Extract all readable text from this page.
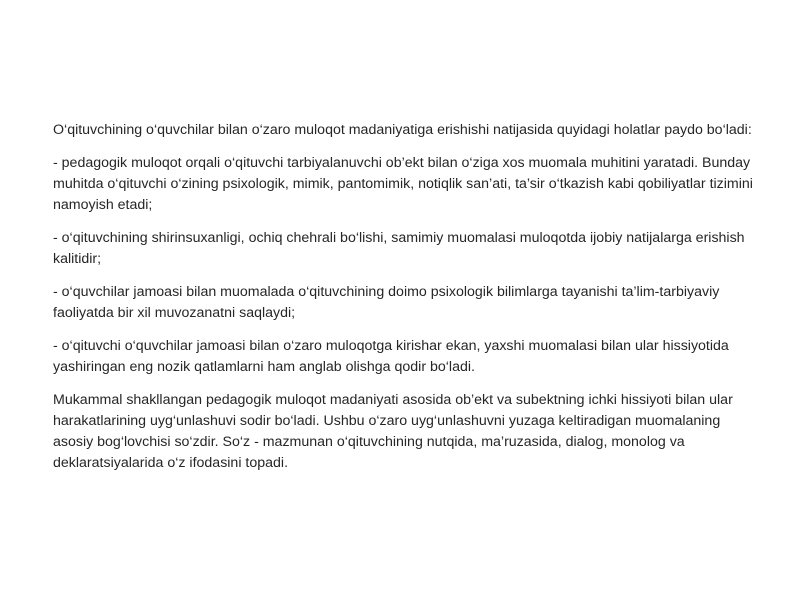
O‘qituvchining o‘quvchilar bilan o‘zaro muloqot madaniyatiga erishishi natijasida quyidagi holatlar paydo bo‘ladi:

- pedagogik muloqot orqali o‘qituvchi tarbiyalanuvchi ob’ekt bilan o‘ziga xos muomala muhitini yaratadi. Bunday muhitda o‘qituvchi o‘zining psixologik, mimik, pantomimik, notiqlik san’ati, ta’sir o‘tkazish kabi qobiliyatlar tizimini namoyish etadi;

- o‘qituvchining shirinsuxanligi, ochiq chehrali bo‘lishi, samimiy muomalasi muloqotda ijobiy natijalarga erishish kalitidir;

- o‘quvchilar jamoasi bilan muomalada o‘qituvchining doimo psixologik bilimlarga tayanishi ta’lim-tarbiyaviy faoliyatda bir xil muvozanatni saqlaydi;

- o‘qituvchi o‘quvchilar jamoasi bilan o‘zaro muloqotga kirishar ekan, yaxshi muomalasi bilan ular hissiyotida yashiringan eng nozik qatlamlarni ham anglab olishga qodir bo‘ladi.

Mukammal shakllangan pedagogik muloqot madaniyati asosida ob’ekt va subektning ichki hissiyoti bilan ular harakatlarining uyg‘unlashuvi sodir bo‘ladi. Ushbu o‘zaro uyg‘unlashuvni yuzaga keltiradigan muomalaning asosiy bog‘lovchisi so‘zdir. So‘z - mazmunan o‘qituvchining nutqida, ma’ruzasida, dialog, monolog va deklaratsiyalarida o‘z ifodasini topadi.
